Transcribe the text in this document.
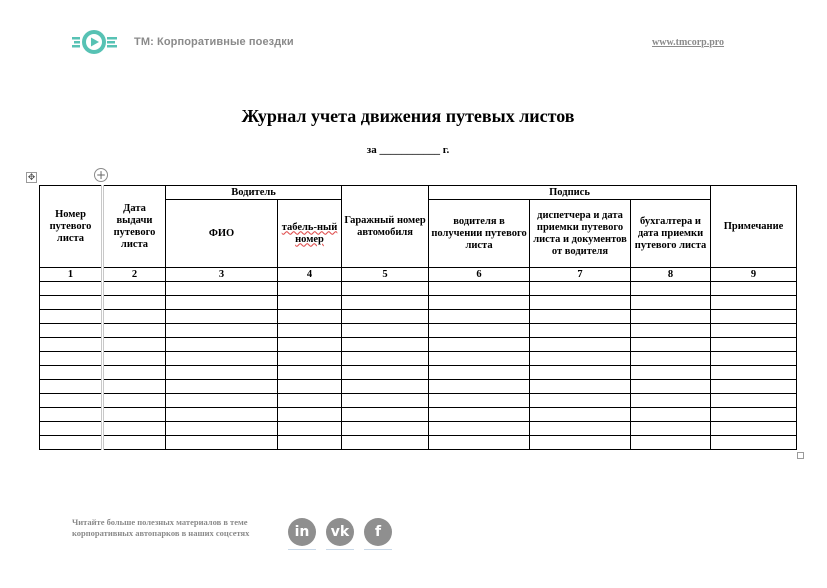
ТМ: Корпоративные поездки	www.tmcorp.pro
Журнал учета движения путевых листов
за ___________ г.
✥	+
Номер путевого листа	Дата выдачи путевого листа	Водитель		Гаражный номер автомобиля	Подпись			Примечание
		ФИО	табель-ный номер		водителя в получении путевого листа	диспетчера и дата приемки путевого листа и документов от водителя	бухгалтера и дата приемки путевого листа	
1	2	3	4	5	6	7	8	9

Читайте больше полезных материалов в теме корпоративных автопарков в наших соцсетях	in	vk	f
